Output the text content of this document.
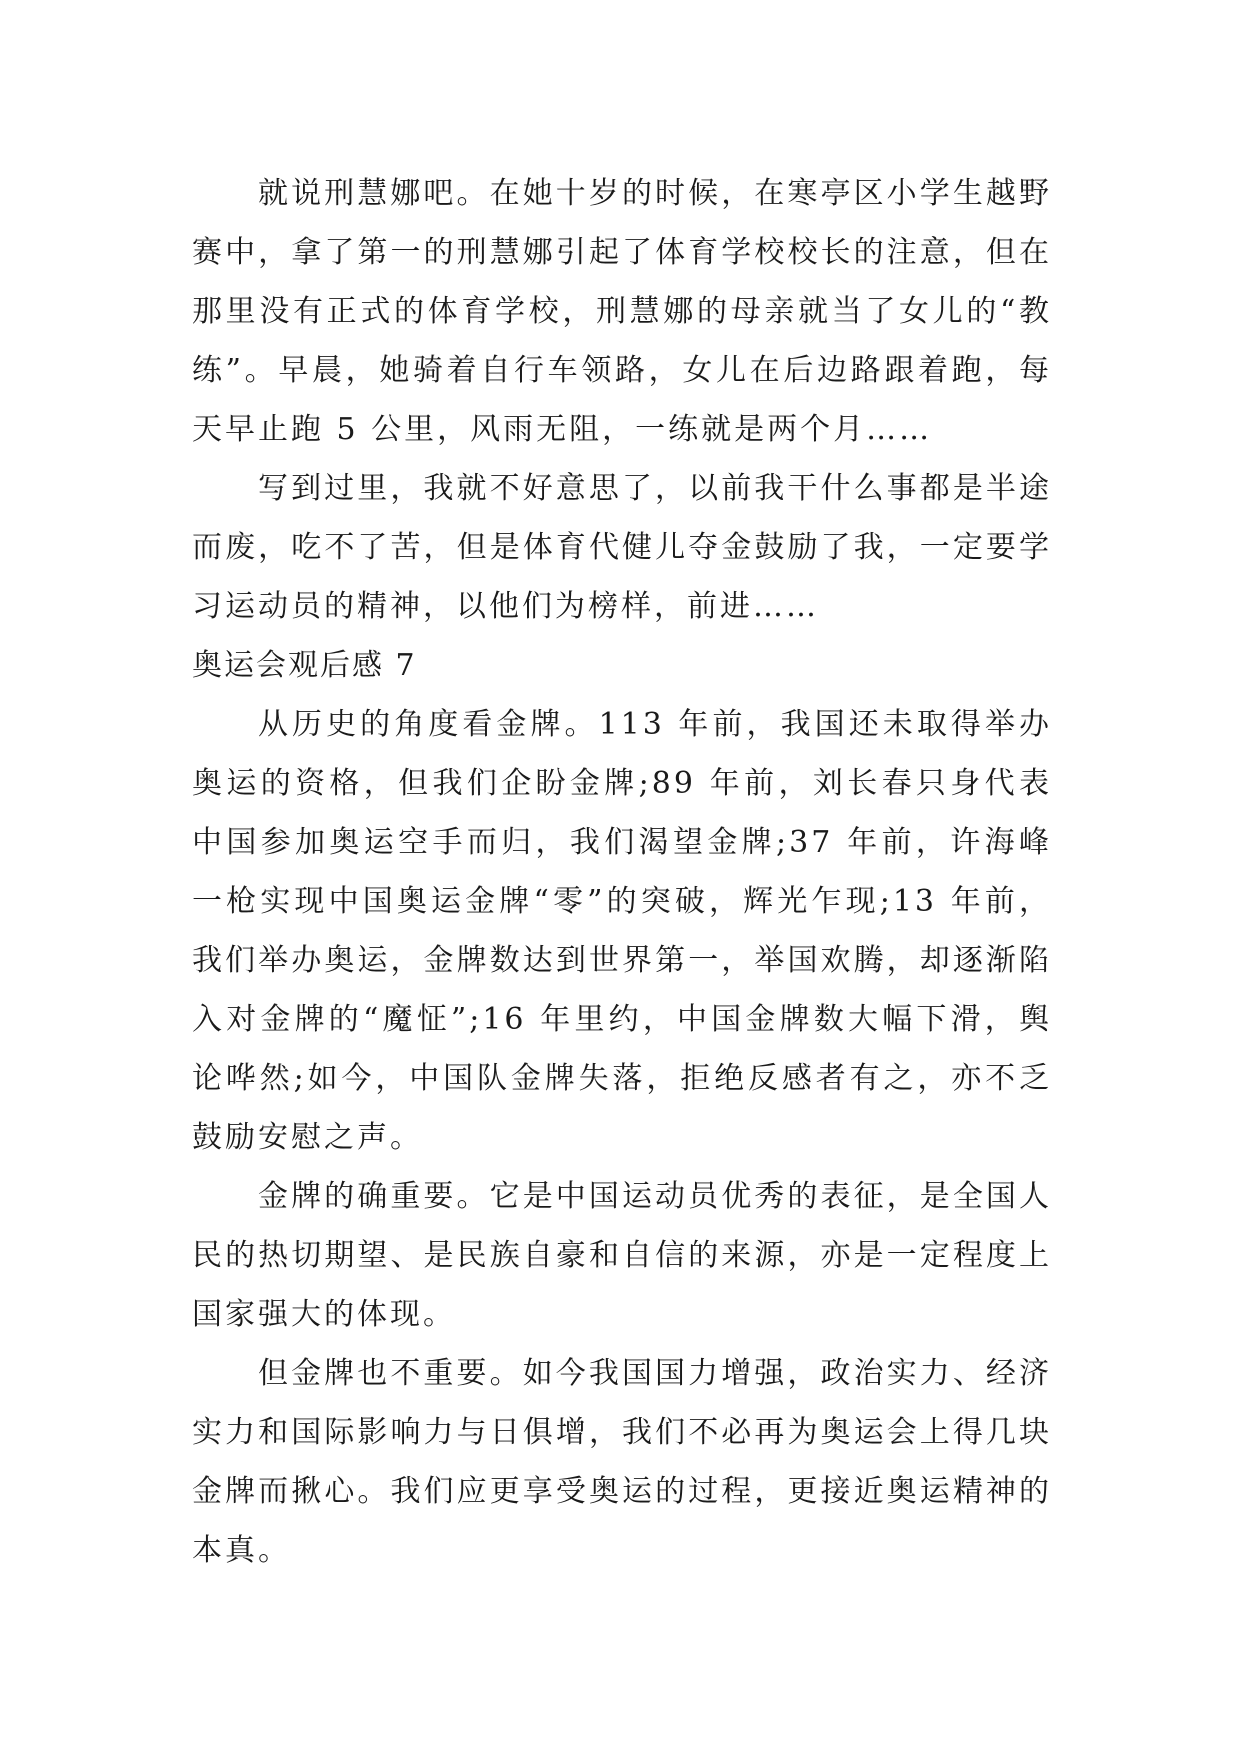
就说刑慧娜吧。在她十岁的时候，在寒亭区小学生越野赛中，拿了第一的刑慧娜引起了体育学校校长的注意，但在那里没有正式的体育学校，刑慧娜的母亲就当了女儿的“教练”。早晨，她骑着自行车领路，女儿在后边路跟着跑，每天早止跑 5 公里，风雨无阻，一练就是两个月……

写到过里，我就不好意思了，以前我干什么事都是半途而废，吃不了苦，但是体育代健儿夺金鼓励了我，一定要学习运动员的精神，以他们为榜样，前进……

奥运会观后感 7

从历史的角度看金牌。113 年前，我国还未取得举办奥运的资格，但我们企盼金牌;89 年前，刘长春只身代表中国参加奥运空手而归，我们渴望金牌;37 年前，许海峰一枪实现中国奥运金牌“零”的突破，辉光乍现;13 年前，我们举办奥运，金牌数达到世界第一，举国欢腾，却逐渐陷入对金牌的“魔怔”;16 年里约，中国金牌数大幅下滑，舆论哗然;如今，中国队金牌失落，拒绝反感者有之，亦不乏鼓励安慰之声。

金牌的确重要。它是中国运动员优秀的表征，是全国人民的热切期望、是民族自豪和自信的来源，亦是一定程度上国家强大的体现。

但金牌也不重要。如今我国国力增强，政治实力、经济实力和国际影响力与日俱增，我们不必再为奥运会上得几块金牌而揪心。我们应更享受奥运的过程，更接近奥运精神的本真。
